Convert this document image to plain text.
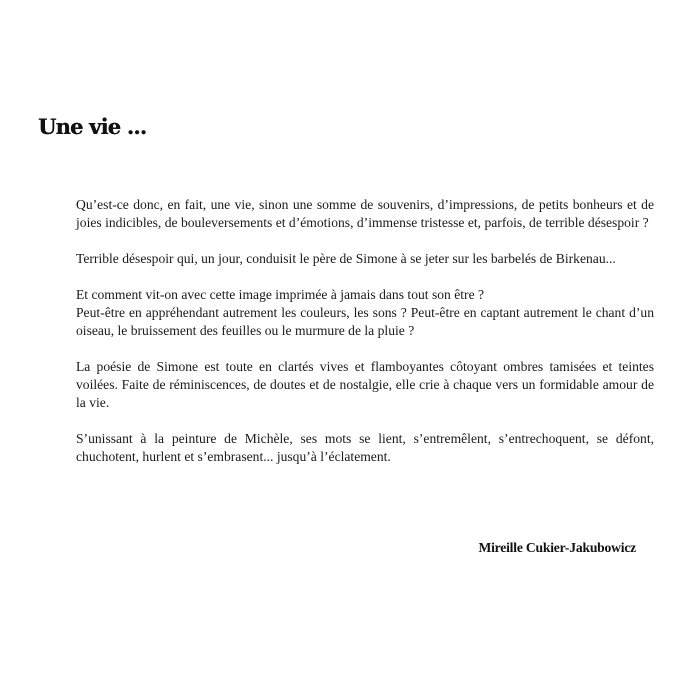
Une vie ...

Qu’est-ce donc, en fait, une vie, sinon une somme de souvenirs, d’impressions, de petits bonheurs et de joies indicibles, de bouleversements et d’émotions, d’immense tristesse et, parfois, de terrible désespoir ?

Terrible désespoir qui, un jour, conduisit le père de Simone à se jeter sur les barbelés de Birkenau...

Et comment vit-on avec cette image imprimée à jamais dans tout son être ?
Peut-être en appréhendant autrement les couleurs, les sons ? Peut-être en captant autrement le chant d’un oiseau, le bruissement des feuilles ou le murmure de la pluie ?

La poésie de Simone est toute en clartés vives et flamboyantes côtoyant ombres tamisées et teintes voilées. Faite de réminiscences, de doutes et de nostalgie, elle crie à chaque vers un formidable amour de la vie.

S’unissant à la peinture de Michèle, ses mots se lient, s’entremêlent, s’entrechoquent, se défont, chuchotent, hurlent et s’embrasent... jusqu’à l’éclatement.

Mireille Cukier-Jakubowicz
